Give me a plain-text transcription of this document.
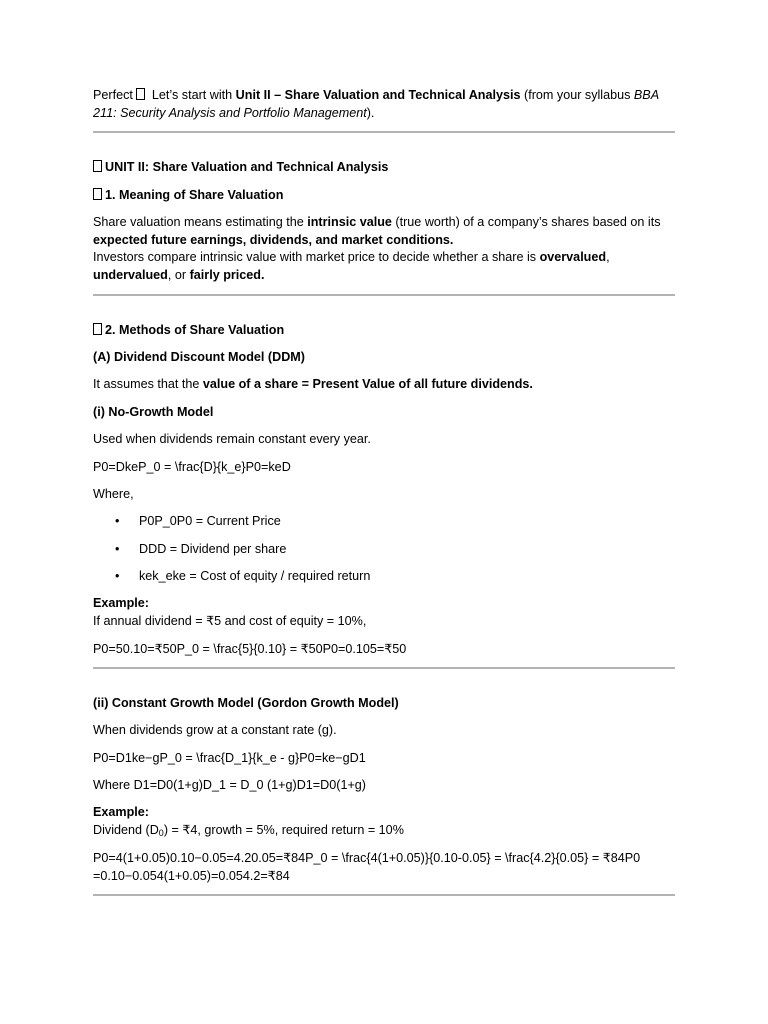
Perfect  Let’s start with Unit II – Share Valuation and Technical Analysis (from your syllabus BBA 211: Security Analysis and Portfolio Management).

UNIT II: Share Valuation and Technical Analysis

1. Meaning of Share Valuation

Share valuation means estimating the intrinsic value (true worth) of a company’s shares based on its expected future earnings, dividends, and market conditions.
Investors compare intrinsic value with market price to decide whether a share is overvalued, undervalued, or fairly priced.

2. Methods of Share Valuation

(A) Dividend Discount Model (DDM)

It assumes that the value of a share = Present Value of all future dividends.

(i) No-Growth Model

Used when dividends remain constant every year.

P0=DkeP_0 = \frac{D}{k_e}P0=keD

Where,

• P0P_0P0 = Current Price
• DDD = Dividend per share
• kek_eke = Cost of equity / required return

Example:
If annual dividend = ₹5 and cost of equity = 10%,

P0=50.10=₹50P_0 = \frac{5}{0.10} = ₹50P0=0.105=₹50

(ii) Constant Growth Model (Gordon Growth Model)

When dividends grow at a constant rate (g).

P0=D1ke−gP_0 = \frac{D_1}{k_e - g}P0=ke−gD1

Where D1=D0(1+g)D_1 = D_0 (1+g)D1=D0(1+g)

Example:
Dividend $(D_0)$ = ₹4, growth = 5%, required return = 10%

P0=4(1+0.05)0.10−0.05=4.20.05=₹84P_0 = \frac{4(1+0.05)}{0.10-0.05} = \frac{4.2}{0.05} = ₹84P0
=0.10−0.054(1+0.05)=0.054.2=₹84
